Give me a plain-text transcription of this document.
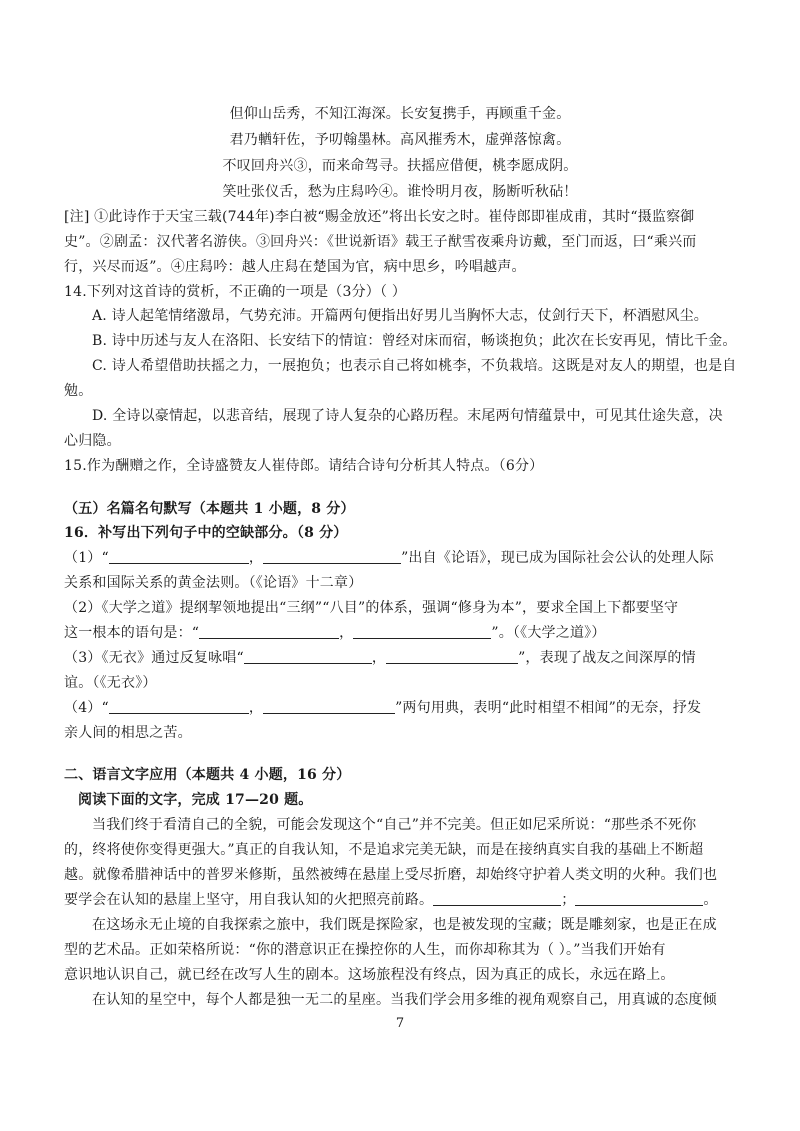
但仰山岳秀，不知江海深。长安复携手，再顾重千金。
君乃輶轩佐，予叨翰墨林。高风摧秀木，虚弹落惊禽。
不叹回舟兴③，而来命驾寻。扶摇应借便，桃李愿成阴。
笑吐张仪舌，愁为庄舄吟④。谁怜明月夜，肠断听秋砧！
[注] ①此诗作于天宝三载(744年)李白被“赐金放还”将出长安之时。崔侍郎即崔成甫，其时“摄监察御
史”。②剧孟：汉代著名游侠。③回舟兴：《世说新语》载王子猷雪夜乘舟访戴，至门而返，曰“乘兴而
行，兴尽而返”。④庄舄吟：越人庄舄在楚国为官，病中思乡，吟唱越声。
14.下列对这首诗的赏析，不正确的一项是（3分）（ ）
A. 诗人起笔情绪激昂，气势充沛。开篇两句便指出好男儿当胸怀大志，仗剑行天下，杯酒慰风尘。
B. 诗中历述与友人在洛阳、长安结下的情谊：曾经对床而宿，畅谈抱负；此次在长安再见，情比千金。
C. 诗人希望借助扶摇之力，一展抱负；也表示自己将如桃李，不负栽培。这既是对友人的期望，也是自
勉。
D. 全诗以豪情起，以悲音结，展现了诗人复杂的心路历程。末尾两句情蕴景中，可见其仕途失意，决
心归隐。
15.作为酬赠之作，全诗盛赞友人崔侍郎。请结合诗句分析其人特点。（6分）
（五）名篇名句默写（本题共 1 小题，8 分）
16．补写出下列句子中的空缺部分。（8 分）
（1）“	，	”出自《论语》，现已成为国际社会公认的处理人际
关系和国际关系的黄金法则。（《论语》十二章）
（2）《大学之道》提纲挈领地提出“三纲”“八目”的体系，强调“修身为本”，要求全国上下都要坚守
这一根本的语句是：“	，	”。（《大学之道》）
（3）《无衣》通过反复咏唱“	，	”，表现了战友之间深厚的情
谊。（《无衣》）
（4）“	，	”两句用典，表明“此时相望不相闻”的无奈，抒发
亲人间的相思之苦。
二、语言文字应用（本题共 4 小题，16 分）
阅读下面的文字，完成 17—20 题。
当我们终于看清自己的全貌，可能会发现这个“自己”并不完美。但正如尼采所说：“那些杀不死你
的，终将使你变得更强大。”真正的自我认知，不是追求完美无缺，而是在接纳真实自我的基础上不断超
越。就像希腊神话中的普罗米修斯，虽然被缚在悬崖上受尽折磨，却始终守护着人类文明的火种。我们也
要学会在认知的悬崖上坚守，用自我认知的火把照亮前路。	；	。
在这场永无止境的自我探索之旅中，我们既是探险家，也是被发现的宝藏；既是雕刻家，也是正在成
型的艺术品。正如荣格所说：“你的潜意识正在操控你的人生，而你却称其为（ ）。”当我们开始有
意识地认识自己，就已经在改写人生的剧本。这场旅程没有终点，因为真正的成长，永远在路上。
在认知的星空中，每个人都是独一无二的星座。当我们学会用多维的视角观察自己，用真诚的态度倾
7
